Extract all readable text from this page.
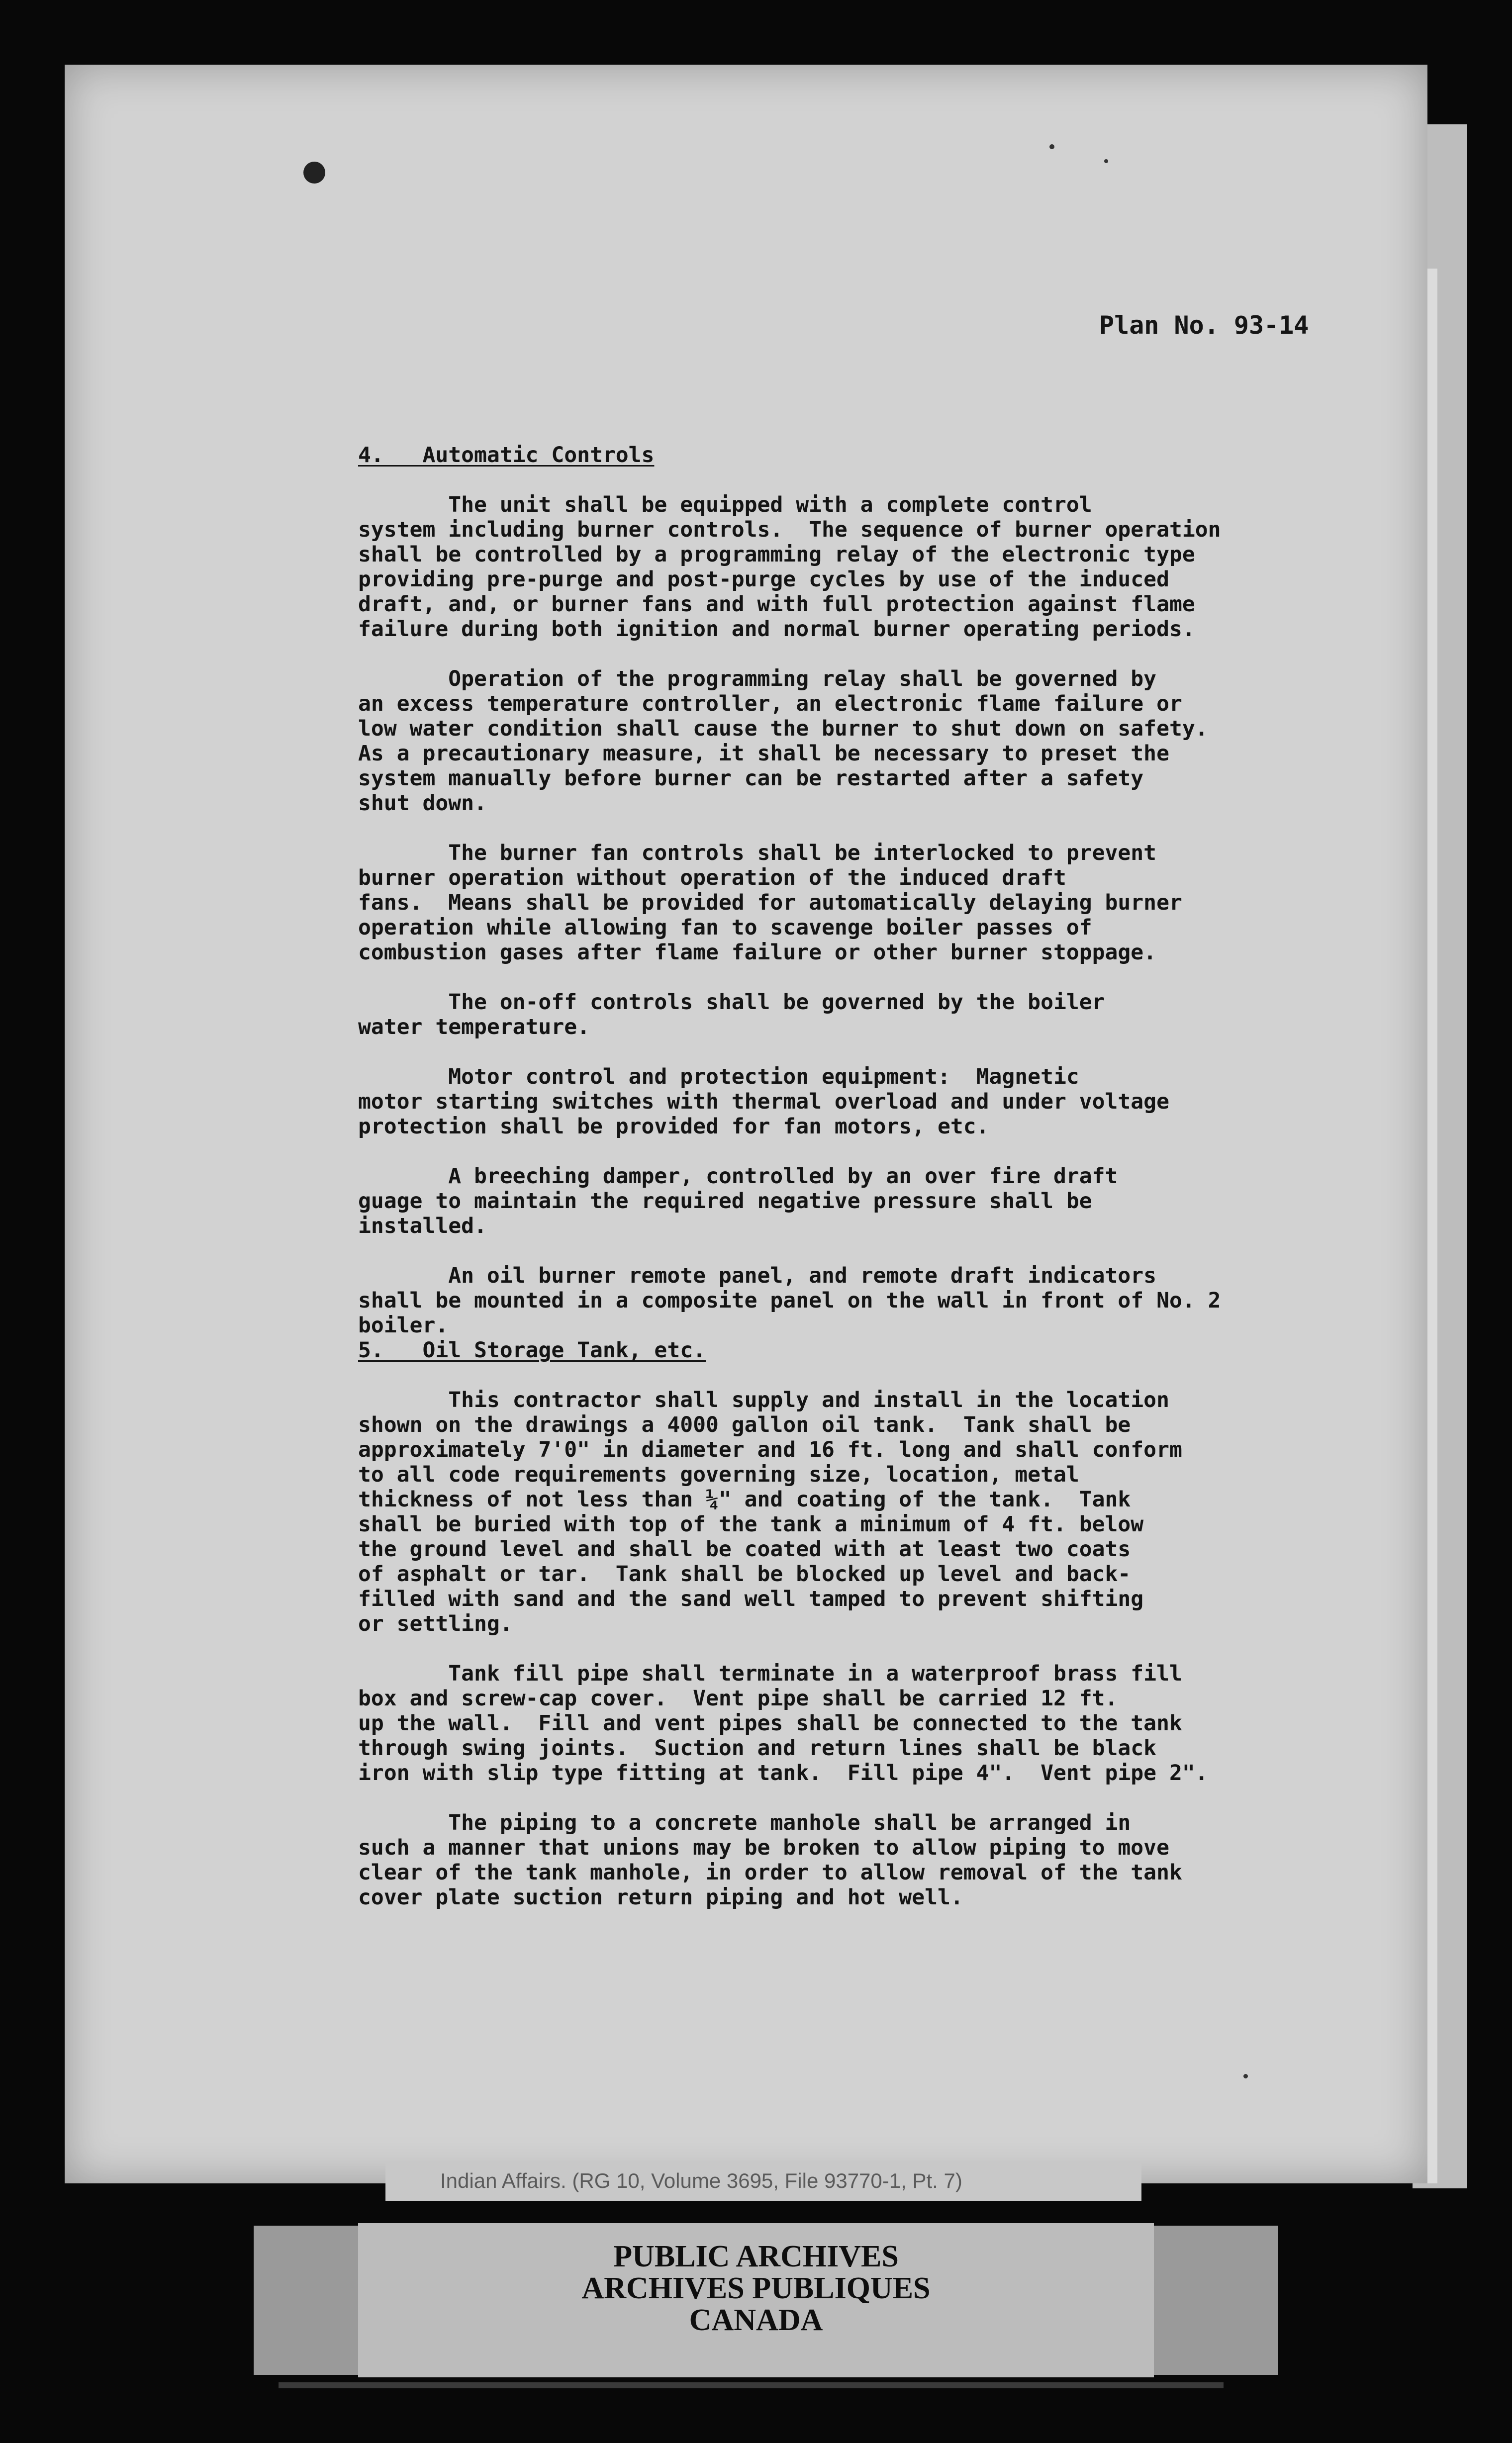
Plan No. 93-14

4.   Automatic Controls

The unit shall be equipped with a complete control

system including burner controls.  The sequence of burner operation

shall be controlled by a programming relay of the electronic type

providing pre-purge and post-purge cycles by use of the induced

draft, and, or burner fans and with full protection against flame

failure during both ignition and normal burner operating periods.

Operation of the programming relay shall be governed by

an excess temperature controller, an electronic flame failure or

low water condition shall cause the burner to shut down on safety.

As a precautionary measure, it shall be necessary to preset the

system manually before burner can be restarted after a safety

shut down.

The burner fan controls shall be interlocked to prevent

burner operation without operation of the induced draft

fans.  Means shall be provided for automatically delaying burner

operation while allowing fan to scavenge boiler passes of

combustion gases after flame failure or other burner stoppage.

The on-off controls shall be governed by the boiler

water temperature.

Motor control and protection equipment:  Magnetic

motor starting switches with thermal overload and under voltage

protection shall be provided for fan motors, etc.

A breeching damper, controlled by an over fire draft

guage to maintain the required negative pressure shall be

installed.

An oil burner remote panel, and remote draft indicators

shall be mounted in a composite panel on the wall in front of No. 2

boiler.

5.   Oil Storage Tank, etc.

This contractor shall supply and install in the location

shown on the drawings a 4000 gallon oil tank.  Tank shall be

approximately 7'0" in diameter and 16 ft. long and shall conform

to all code requirements governing size, location, metal

thickness of not less than ¼" and coating of the tank.  Tank

shall be buried with top of the tank a minimum of 4 ft. below

the ground level and shall be coated with at least two coats

of asphalt or tar.  Tank shall be blocked up level and back-

filled with sand and the sand well tamped to prevent shifting

or settling.

Tank fill pipe shall terminate in a waterproof brass fill

box and screw-cap cover.  Vent pipe shall be carried 12 ft.

up the wall.  Fill and vent pipes shall be connected to the tank

through swing joints.  Suction and return lines shall be black

iron with slip type fitting at tank.  Fill pipe 4".  Vent pipe 2".

The piping to a concrete manhole shall be arranged in

such a manner that unions may be broken to allow piping to move

clear of the tank manhole, in order to allow removal of the tank

cover plate suction return piping and hot well.

Indian Affairs. (RG 10, Volume 3695, File 93770-1, Pt. 7)
PUBLIC ARCHIVES
ARCHIVES PUBLIQUES
CANADA
